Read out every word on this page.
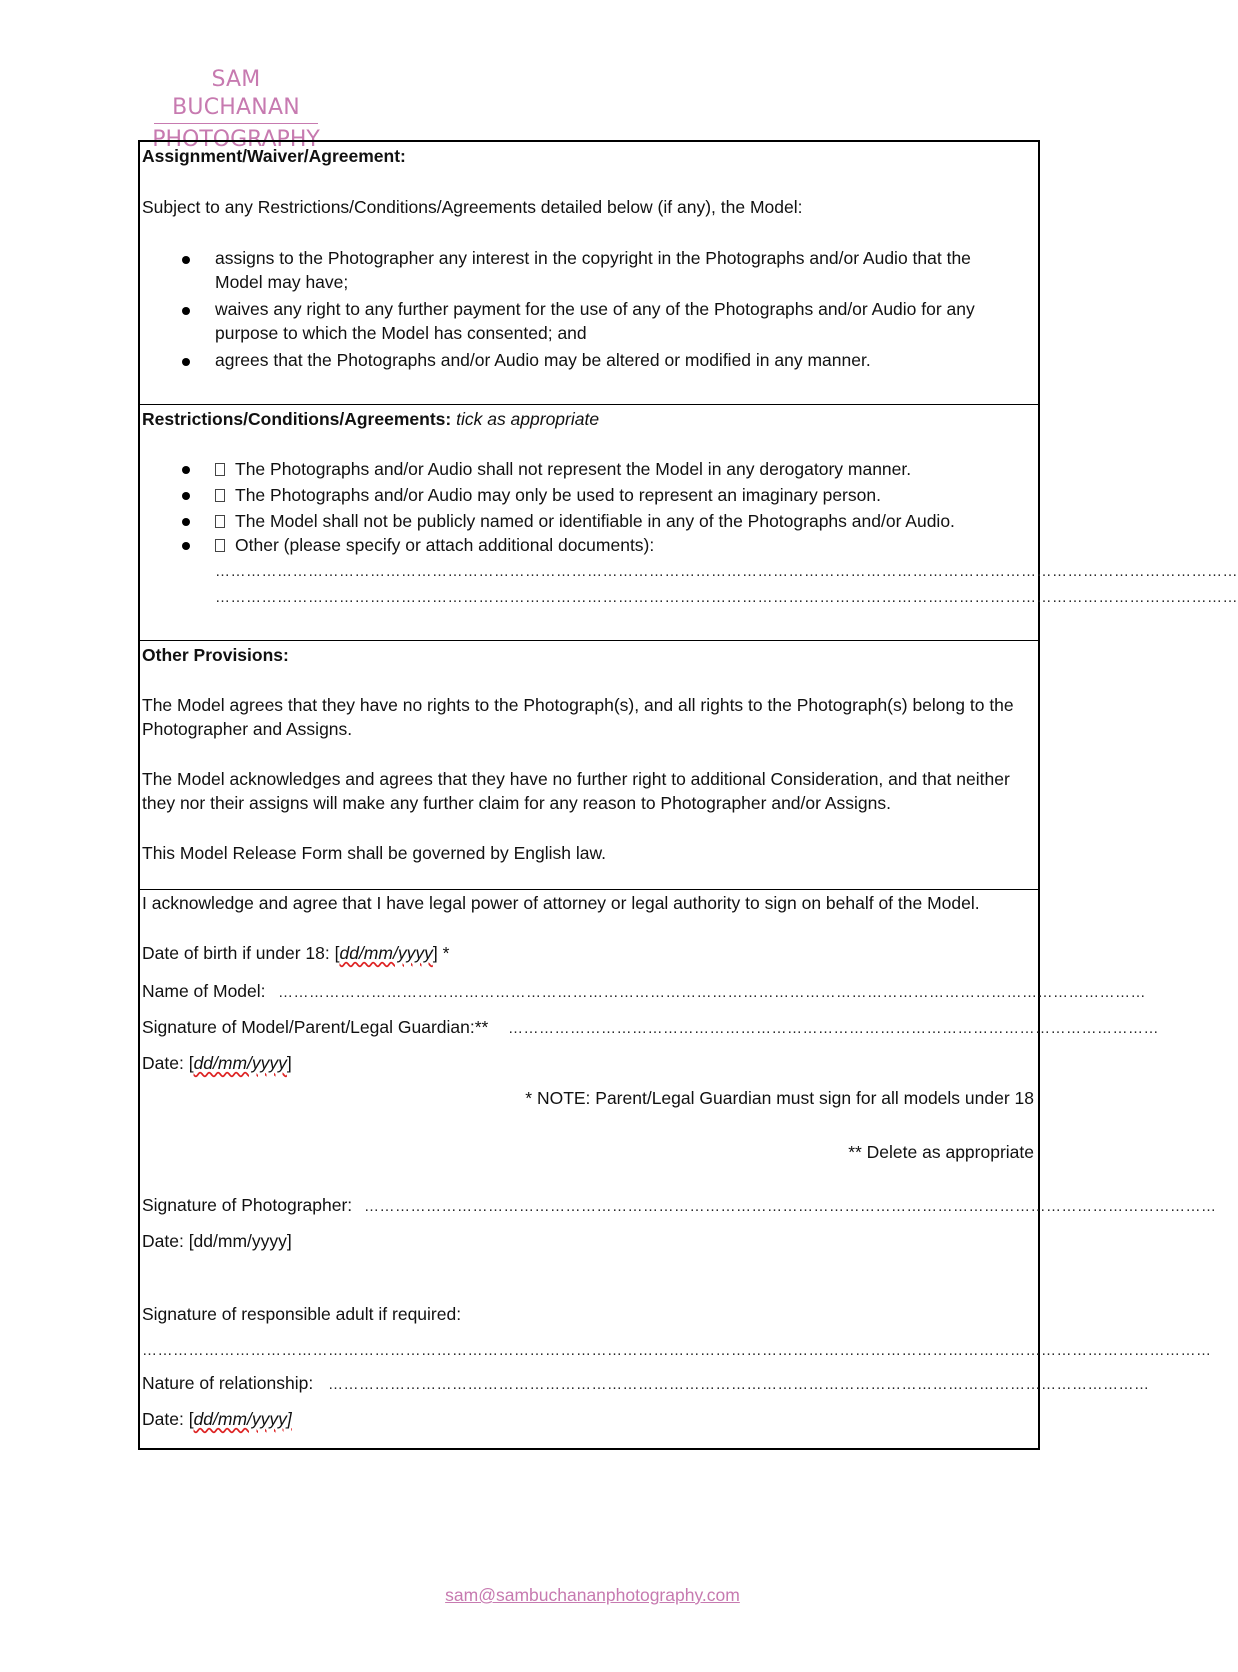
SAM BUCHANAN
PHOTOGRAPHY
Assignment/Waiver/Agreement:
Subject to any Restrictions/Conditions/Agreements detailed below (if any), the Model:
assigns to the Photographer any interest in the copyright in the Photographs and/or Audio that the Model may have;
waives any right to any further payment for the use of any of the Photographs and/or Audio for any purpose to which the Model has consented; and
agrees that the Photographs and/or Audio may be altered or modified in any manner.
Restrictions/Conditions/Agreements: tick as appropriate
The Photographs and/or Audio shall not represent the Model in any derogatory manner.
The Photographs and/or Audio may only be used to represent an imaginary person.
The Model shall not be publicly named or identifiable in any of the Photographs and/or Audio.
Other (please specify or attach additional documents):
………………………………………………………………………………………………………………………………………………………………………………
………………………………………………………………………………………………………………………………………………………………………………
Other Provisions:
The Model agrees that they have no rights to the Photograph(s), and all rights to the Photograph(s) belong to the Photographer and Assigns.
The Model acknowledges and agrees that they have no further right to additional Consideration, and that neither they nor their assigns will make any further claim for any reason to Photographer and/or Assigns.
This Model Release Form shall be governed by English law.
I acknowledge and agree that I have legal power of attorney or legal authority to sign on behalf of the Model.
Date of birth if under 18: [dd/mm/yyyy] *
Name of Model: ……………………………………………………………………………………………………………………………………………………
Signature of Model/Parent/Legal Guardian:** ………………………………………………………………………………………………………………
Date: [dd/mm/yyyy]
* NOTE: Parent/Legal Guardian must sign for all models under 18
** Delete as appropriate
Signature of Photographer: …………………………………………………………………………………………………………………………………………………
Date: [dd/mm/yyyy]
Signature of responsible adult if required:
………………………………………………………………………………………………………………………………………………………………………………………
Nature of relationship: ……………………………………………………………………………………………………………………………………………
Date: [dd/mm/yyyy]
sam@sambuchananphotography.com
